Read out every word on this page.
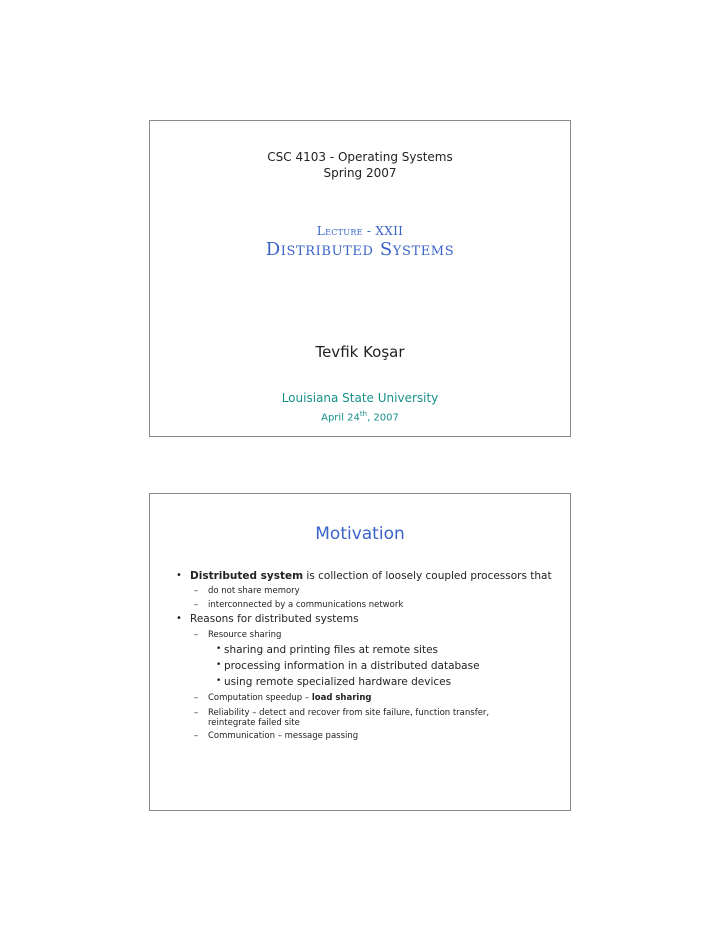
CSC 4103 - Operating Systems
Spring 2007
Lecture - XXII
Distributed Systems
Tevfik Koşar
Louisiana State University
April 24th, 2007
Motivation
• Distributed system is collection of loosely coupled processors that
– do not share memory
– interconnected by a communications network
• Reasons for distributed systems
– Resource sharing
• sharing and printing files at remote sites
• processing information in a distributed database
• using remote specialized hardware devices
– Computation speedup – load sharing
– Reliability – detect and recover from site failure, function transfer,
reintegrate failed site
– Communication – message passing
